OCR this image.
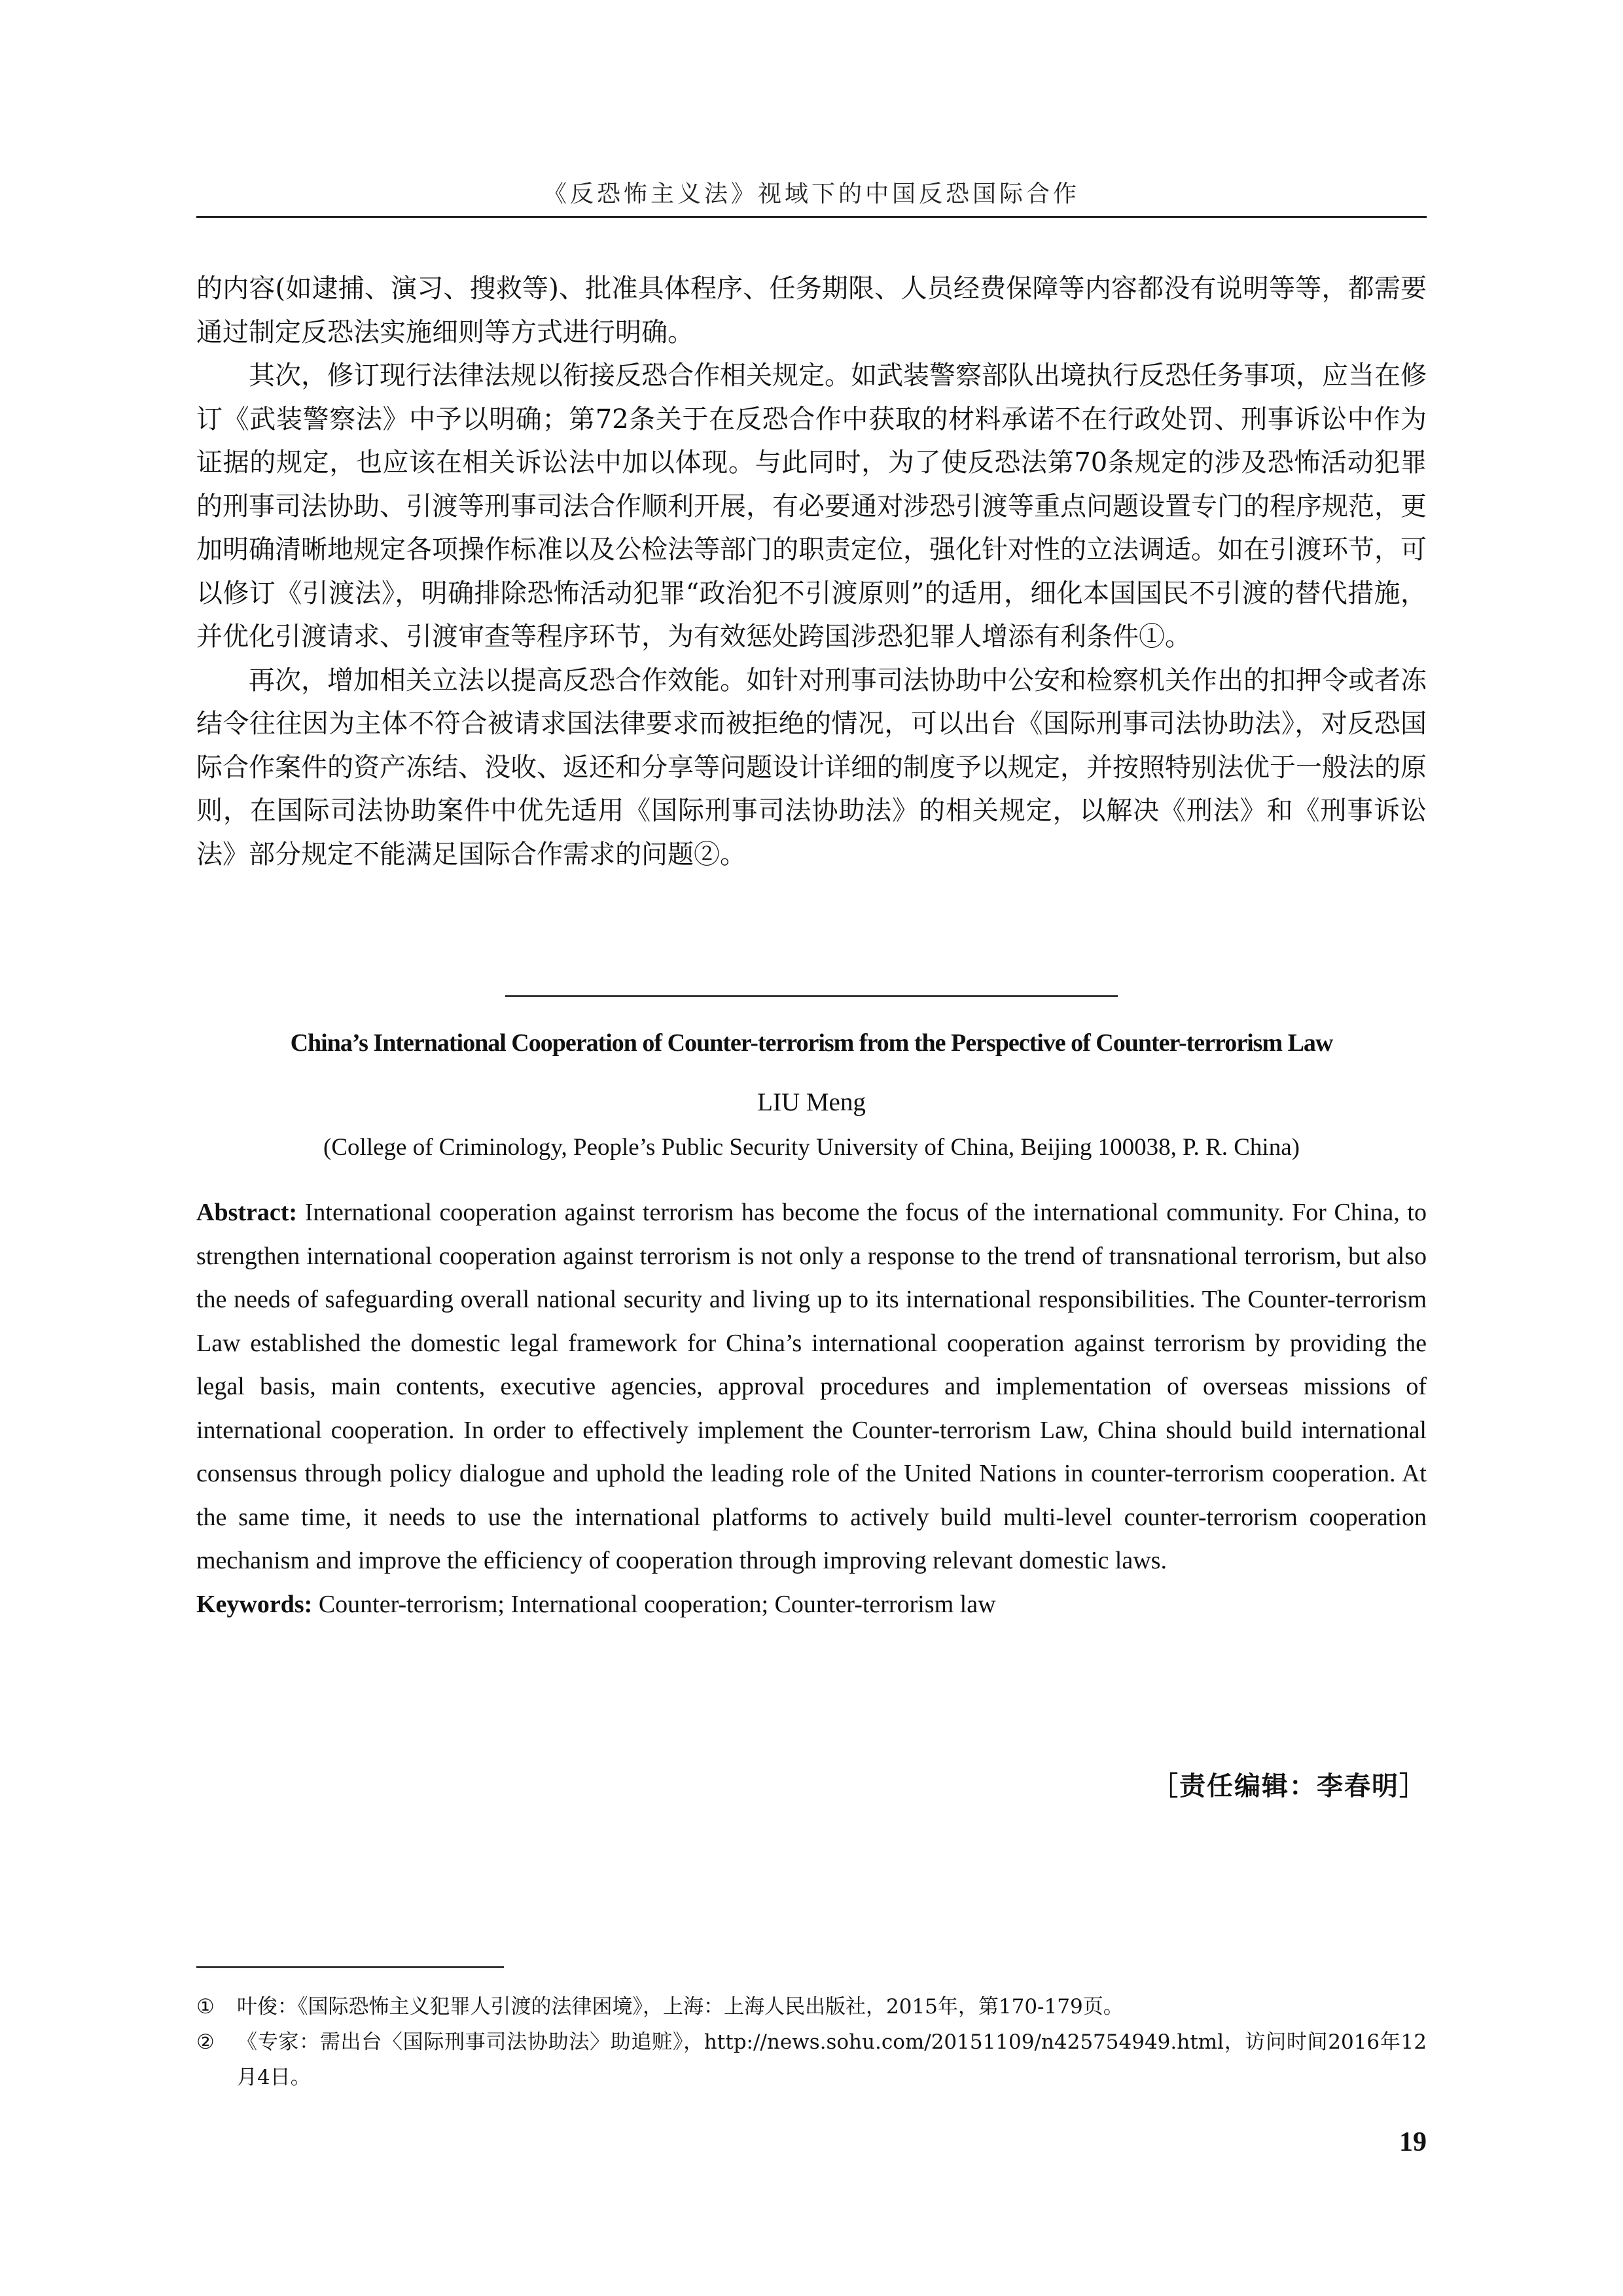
《反恐怖主义法》视域下的中国反恐国际合作

的内容(如逮捕、演习、搜救等)、批准具体程序、任务期限、人员经费保障等内容都没有说明等等，都需要通过制定反恐法实施细则等方式进行明确。

其次，修订现行法律法规以衔接反恐合作相关规定。如武装警察部队出境执行反恐任务事项，应当在修订《武装警察法》中予以明确；第72条关于在反恐合作中获取的材料承诺不在行政处罚、刑事诉讼中作为证据的规定，也应该在相关诉讼法中加以体现。与此同时，为了使反恐法第70条规定的涉及恐怖活动犯罪的刑事司法协助、引渡等刑事司法合作顺利开展，有必要通对涉恐引渡等重点问题设置专门的程序规范，更加明确清晰地规定各项操作标准以及公检法等部门的职责定位，强化针对性的立法调适。如在引渡环节，可以修订《引渡法》，明确排除恐怖活动犯罪“政治犯不引渡原则”的适用，细化本国国民不引渡的替代措施，并优化引渡请求、引渡审查等程序环节，为有效惩处跨国涉恐犯罪人增添有利条件①。

再次，增加相关立法以提高反恐合作效能。如针对刑事司法协助中公安和检察机关作出的扣押令或者冻结令往往因为主体不符合被请求国法律要求而被拒绝的情况，可以出台《国际刑事司法协助法》，对反恐国际合作案件的资产冻结、没收、返还和分享等问题设计详细的制度予以规定，并按照特别法优于一般法的原则，在国际司法协助案件中优先适用《国际刑事司法协助法》的相关规定，以解决《刑法》和《刑事诉讼法》部分规定不能满足国际合作需求的问题②。

China’s International Cooperation of Counter-terrorism from the Perspective of Counter-terrorism Law
LIU Meng
(College of Criminology, People’s Public Security University of China, Beijing 100038, P. R. China)

Abstract: International cooperation against terrorism has become the focus of the international community. For China, to strengthen international cooperation against terrorism is not only a response to the trend of transnational terrorism, but also the needs of safeguarding overall national security and living up to its international responsibilities. The Counter-terrorism Law established the domestic legal framework for China’s international cooperation against terrorism by providing the legal basis, main contents, executive agencies, approval procedures and implementation of overseas missions of international cooperation. In order to effectively implement the Counter-terrorism Law, China should build international consensus through policy dialogue and uphold the leading role of the United Nations in counter-terrorism cooperation. At the same time, it needs to use the international platforms to actively build multi-level counter-terrorism cooperation mechanism and improve the efficiency of cooperation through improving relevant domestic laws.

Keywords: Counter-terrorism; International cooperation; Counter-terrorism law

［责任编辑：李春明］
①	叶俊：《国际恐怖主义犯罪人引渡的法律困境》，上海：上海人民出版社，2015年，第170-179页。
②	《专家：需出台〈国际刑事司法协助法〉助追赃》，http://news.sohu.com/20151109/n425754949.html，访问时间2016年12月4日。
19
